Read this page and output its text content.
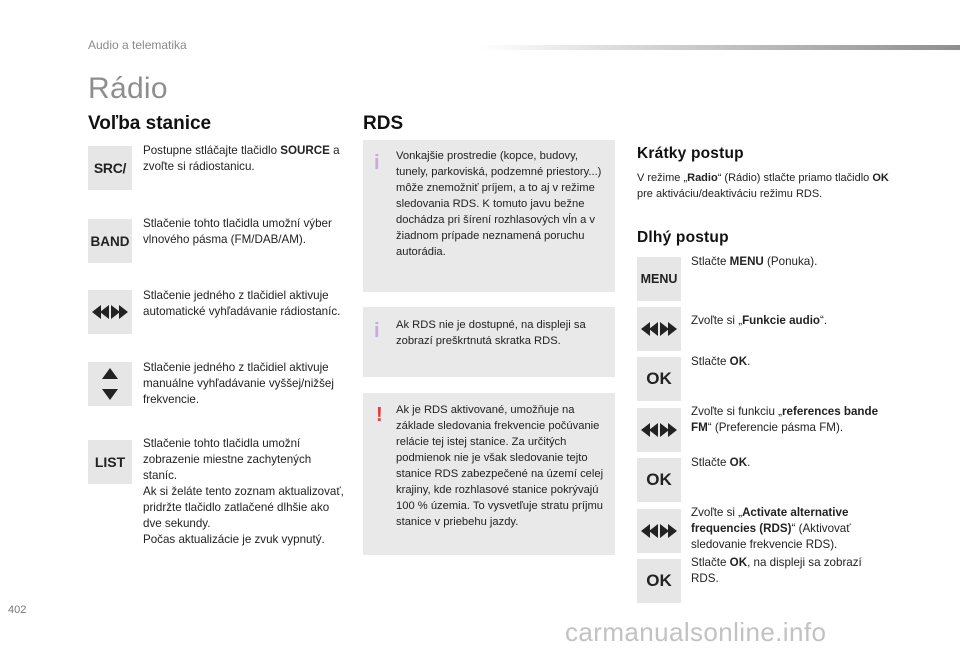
Audio a telematika
Rádio
Voľba stanice
SRC/
Postupne stláčajte tlačidlo SOURCE a zvoľte si rádiostanicu.
BAND
Stlačenie tohto tlačidla umožní výber vlnového pásma (FM/DAB/AM).
Stlačenie jedného z tlačidiel aktivuje automatické vyhľadávanie rádiostaníc.
Stlačenie jedného z tlačidiel aktivuje manuálne vyhľadávanie vyššej/nižšej frekvencie.
LIST
Stlačenie tohto tlačidla umožní zobrazenie miestne zachytených staníc.
Ak si želáte tento zoznam aktualizovať, pridržte tlačidlo zatlačené dlhšie ako dve sekundy.
Počas aktualizácie je zvuk vypnutý.
RDS
i Vonkajšie prostredie (kopce, budovy, tunely, parkoviská, podzemné priestory...) môže znemožniť príjem, a to aj v režime sledovania RDS. K tomuto javu bežne dochádza pri šírení rozhlasových vĺn a v žiadnom prípade neznamená poruchu autorádia.
i Ak RDS nie je dostupné, na displeji sa zobrazí preškrtnutá skratka RDS.
! Ak je RDS aktivované, umožňuje na základe sledovania frekvencie počúvanie relácie tej istej stanice. Za určitých podmienok nie je však sledovanie tejto stanice RDS zabezpečené na území celej krajiny, kde rozhlasové stanice pokrývajú 100 % územia. To vysvetľuje stratu príjmu stanice v priebehu jazdy.
Krátky postup
V režime „Radio“ (Rádio) stlačte priamo tlačidlo OK pre aktiváciu/deaktiváciu režimu RDS.
Dlhý postup
MENU
Stlačte MENU (Ponuka).
Zvoľte si „Funkcie audio“.
OK
Stlačte OK.
Zvoľte si funkciu „references bande FM“ (Preferencie pásma FM).
OK
Stlačte OK.
Zvoľte si „Activate alternative frequencies (RDS)“ (Aktivovať sledovanie frekvencie RDS).
OK
Stlačte OK, na displeji sa zobrazí RDS.
402
carmanualsonline.info
